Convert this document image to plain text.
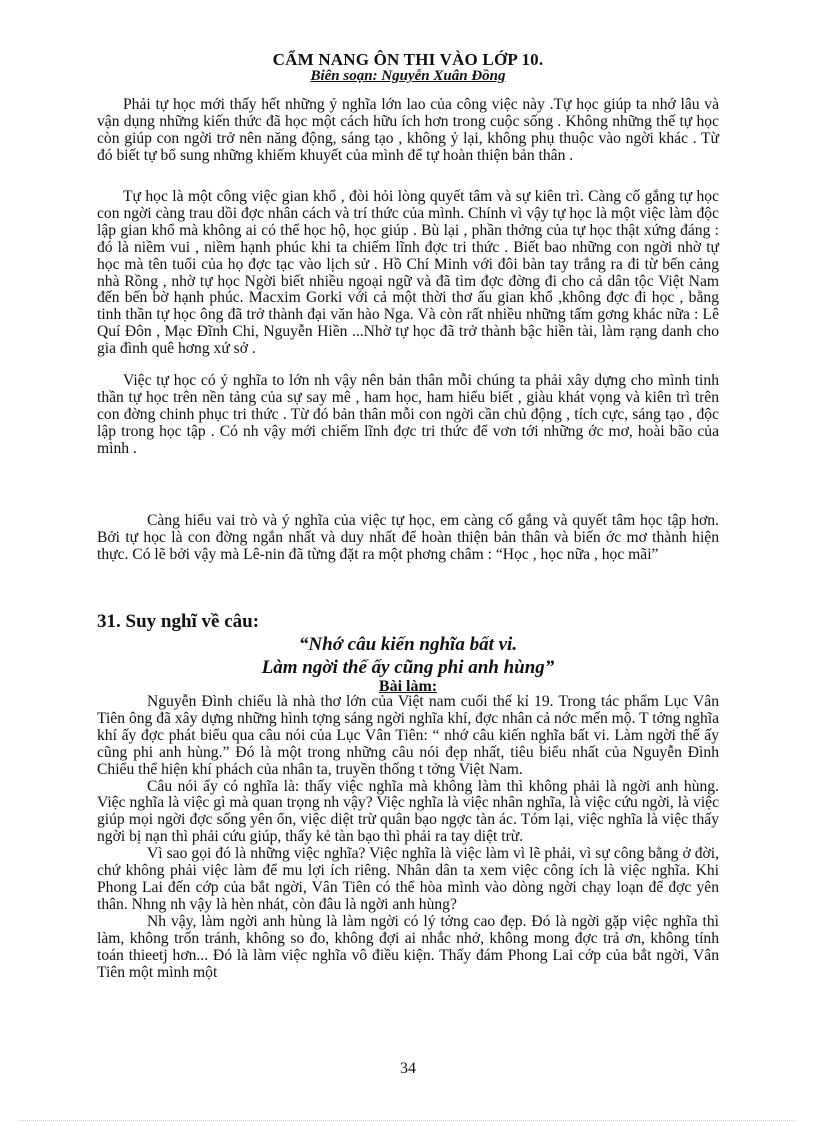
CẨM NANG ÔN THI VÀO LỚP 10.
Biên soạn: Nguyễn Xuân Đồng

Phải tự học mới thấy hết những ý nghĩa lớn lao của công việc này .Tự học giúp ta nhớ lâu và vận dụng những kiến thức đã học một cách hữu ích hơn trong cuộc sống . Không những thế tự học còn giúp con ngời trở nên năng động, sáng tạo , không ỷ lại, không phụ thuộc vào ngời khác . Từ đó biết tự bổ sung những khiếm khuyết của mình để tự hoàn thiện bản thân .

Tự học là một công việc gian khổ , đòi hỏi lòng quyết tâm và sự kiên trì. Càng cố gắng tự học con ngời càng trau dồi đợc nhân cách và trí thức của mình. Chính vì vậy tự học là một việc làm độc lập gian khổ mà không ai có thể học hộ, học giúp . Bù lại , phần thởng của tự học thật xứng đáng : đó là niềm vui , niềm hạnh phúc khi ta chiếm lĩnh đợc tri thức . Biết bao những con ngời nhờ tự học mà tên tuổi của họ đợc tạc vào lịch sử . Hồ Chí Minh với đôi bàn tay trắng ra đi từ bến cảng nhà Rồng , nhờ tự học Ngời biết nhiều ngoại ngữ và đã tìm đợc đờng đi cho cả dân tộc Việt Nam đến bến bờ hạnh phúc. Macxim Gorki với cả một thời thơ ấu gian khổ ,không đợc đi học , bằng tinh thần tự học ông đã trở thành đại văn hào Nga. Và còn rất nhiều những tấm gơng khác nữa : Lê Quí Đôn , Mạc Đĩnh Chi, Nguyễn Hiền ...Nhờ tự học đã trở thành bậc hiền tài, làm rạng danh cho gia đình quê hơng xứ sở .

Việc tự học có ý nghĩa to lớn nh vậy nên bản thân mỗi chúng ta phải xây dựng cho mình tinh thần tự học trên nền tảng của sự say mê , ham học, ham hiểu biết , giàu khát vọng và kiên trì trên con đờng chinh phục tri thức . Từ đó bản thân mỗi con ngời cần chủ động , tích cực, sáng tạo , độc lập trong học tập . Có nh vậy mới chiếm lĩnh đợc tri thức để vơn tới những ớc mơ, hoài bão của mình .

Càng hiểu vai trò và ý nghĩa của việc tự học, em càng cố gắng và quyết tâm học tập hơn. Bởi tự học là con đờng ngắn nhất và duy nhất để hoàn thiện bản thân và biến ớc mơ thành hiện thực. Có lẽ bởi vậy mà Lê-nin đã từng đặt ra một phơng châm : “Học , học nữa , học mãi”

31. Suy nghĩ về câu:
“Nhớ câu kiến nghĩa bất vi.
Làm ngời thế ấy cũng phi anh hùng”
Bài làm:

Nguyễn Đình chiểu là nhà thơ lớn của Việt nam cuối thế kỉ 19. Trong tác phẩm Lục Vân Tiên ông đã xây dựng những hình tợng sáng ngời nghĩa khí, đợc nhân cả nớc mến mộ. T tởng nghĩa khí ấy đợc phát biểu qua câu nói của Lục Vân Tiên: “ nhớ câu kiến nghĩa bất vi. Làm ngời thế ấy cũng phi anh hùng.” Đó là một trong những câu nói đẹp nhất, tiêu biểu nhất của Nguyễn Đình Chiểu thể hiện khí phách của nhân ta, truyền thống t tởng Việt Nam.

Câu nói ấy có nghĩa là: thấy việc nghĩa mà không làm thì không phải là ngời anh hùng. Việc nghĩa là việc gì mà quan trọng nh vậy? Việc nghĩa là việc nhân nghĩa, là việc cứu ngời, là việc giúp mọi ngời đợc sống yên ổn, việc diệt trừ quân bạo ngợc tàn ác. Tóm lại, việc nghĩa là việc thấy ngời bị nạn thì phải cứu giúp, thấy kẻ tàn bạo thì phải ra tay diệt trừ.

Vì sao gọi đó là những việc nghĩa? Việc nghĩa là việc làm vì lẽ phải, vì sự công bằng ở đời, chứ không phải việc làm để mu lợi ích riêng. Nhân dân ta xem việc công ích là việc nghĩa. Khi Phong Lai đến cớp của bắt ngời, Vân Tiên có thể hòa mình vào dòng ngời chạy loạn để đợc yên thân. Nhng nh vậy là hèn nhát, còn đâu là ngời anh hùng?

Nh vậy, làm ngời anh hùng là làm ngời có lý tởng cao đẹp. Đó là ngời gặp việc nghĩa thì làm, không trốn tránh, không so đo, không đợi ai nhắc nhở, không mong đợc trả ơn, không tính toán thieetj hơn... Đó là làm việc nghĩa vô điều kiện. Thấy đám Phong Lai cớp của bắt ngời, Vân Tiên một mình một

34
